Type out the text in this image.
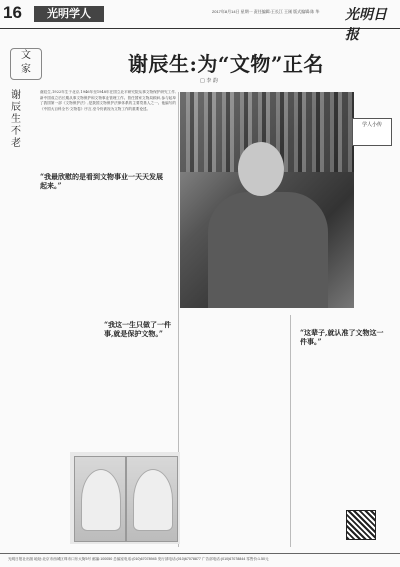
16	光明学人	2017年8月14日 星期一 责任编辑:王长江 王刚 版式编辑:陈 华 光明日报
文
家
谢辰生不老
谢辰生:为“文物”正名
□ 李 韵
谢辰生,1922年生于北京,1946年至1948年在国立北平研究院从事文物保护研究工作,新中国成立后长期从事文物保护和文物事业管理工作。曾任国家文物局顾问,参与起草了我国第一部《文物保护法》,是我国文物保护法律体系的主要奠基人之一。他编写的《中国大百科全书·文物卷》序言,至今仍被视为文物工作的重要论述。
学人小传
“我最欣慰的是看到文物事业一天天发展起来。”
“我这一生只做了一件事,就是保护文物。”	“这辈子,就认准了文物这一件事。”
光明日报社出版 地址:北京市西城区珠市口东大街5号 邮编:100050 总编室电话:(010)67078945 发行部电话:(010)67078877 广告部电话:(010)67078844 零售价:1.50元
